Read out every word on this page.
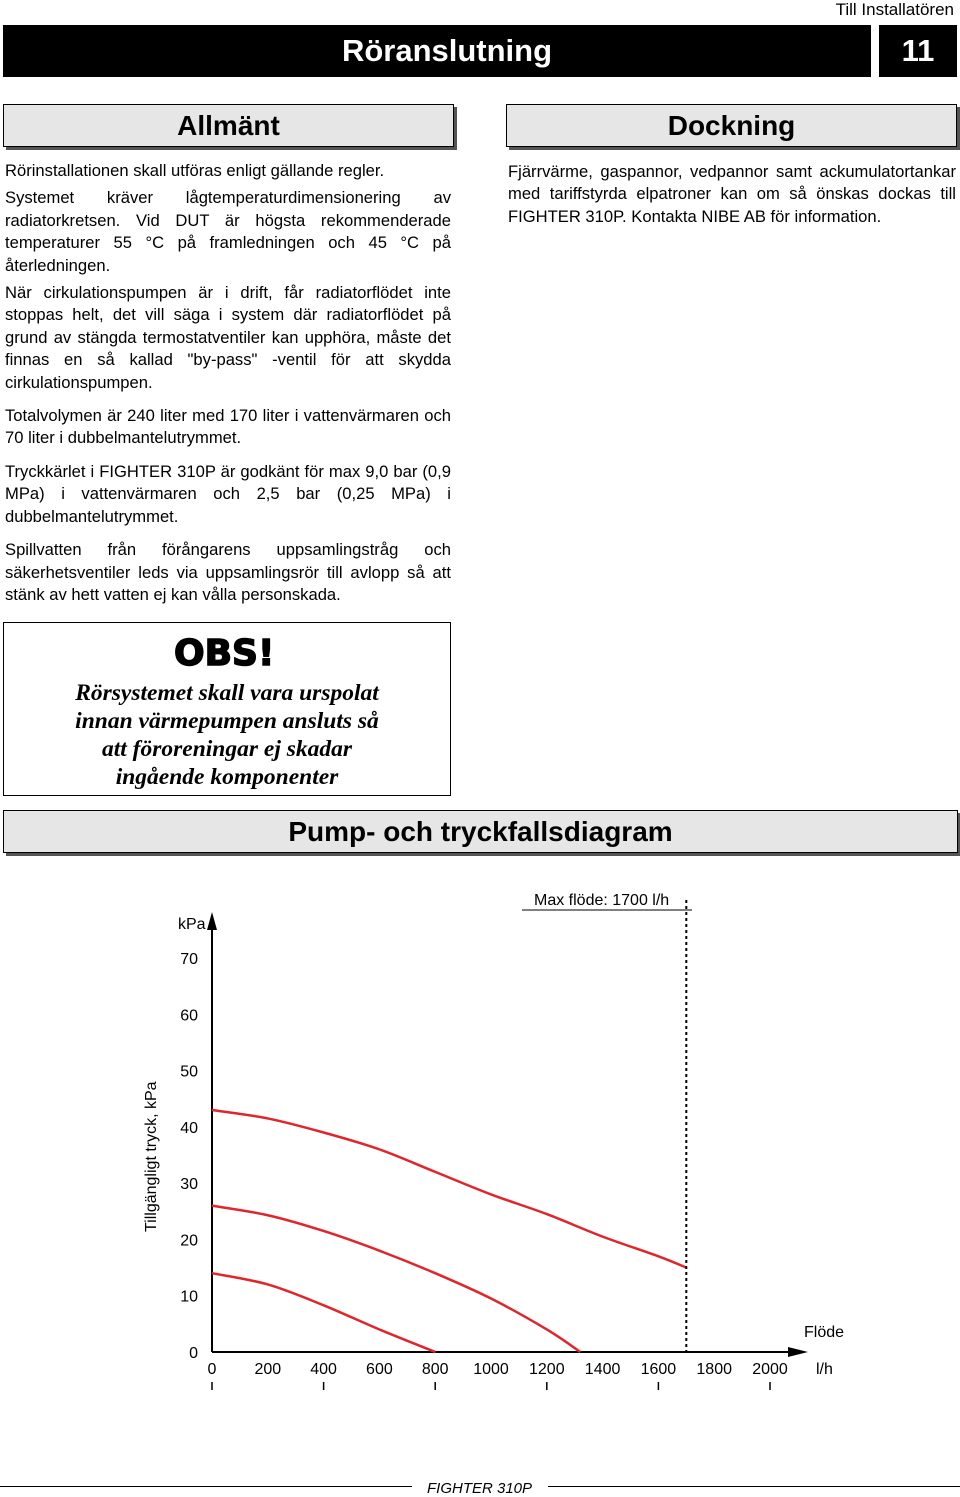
Till Installatören
Röranslutning	11
Allmänt	Dockning

Rörinstallationen skall utföras enligt gällande regler.

Systemet kräver lågtemperaturdimensionering av radiatorkretsen. Vid DUT är högsta rekommenderade temperaturer 55 °C på framledningen och 45 °C på återledningen.

När cirkulationspumpen är i drift, får radiatorflödet inte stoppas helt, det vill säga i system där radiatorflödet på grund av stängda termostatventiler kan upphöra, måste det finnas en så kallad "by-pass" -ventil för att skydda cirkulationspumpen.

Totalvolymen är 240 liter med 170 liter i vattenvärmaren och 70 liter i dubbelmantelutrymmet.

Tryckkärlet i FIGHTER 310P är godkänt för max 9,0 bar (0,9 MPa) i vattenvärmaren och 2,5 bar (0,25 MPa) i dubbelmantelutrymmet.

Spillvatten från förångarens uppsamlingstråg och säkerhetsventiler leds via uppsamlingsrör till avlopp så att stänk av hett vatten ej kan vålla personskada.

Fjärrvärme, gaspannor, vedpannor samt ackumulatortankar med tariffstyrda elpatroner kan om så önskas dockas till FIGHTER 310P. Kontakta NIBE AB för information.

OBS!
Rörsystemet skall vara urspolat
innan värmepumpen ansluts så
att föroreningar ej skadar
ingående komponenter
Pump- och tryckfallsdiagram
kPa
Tillgängligt tryck, kPa
Flöde
l/h
Max flöde: 1700 l/h
0
10
20
30
40
50
60
70
0 200 400 600 800 1000 1200 1400 1600 1800 2000
FIGHTER 310P
